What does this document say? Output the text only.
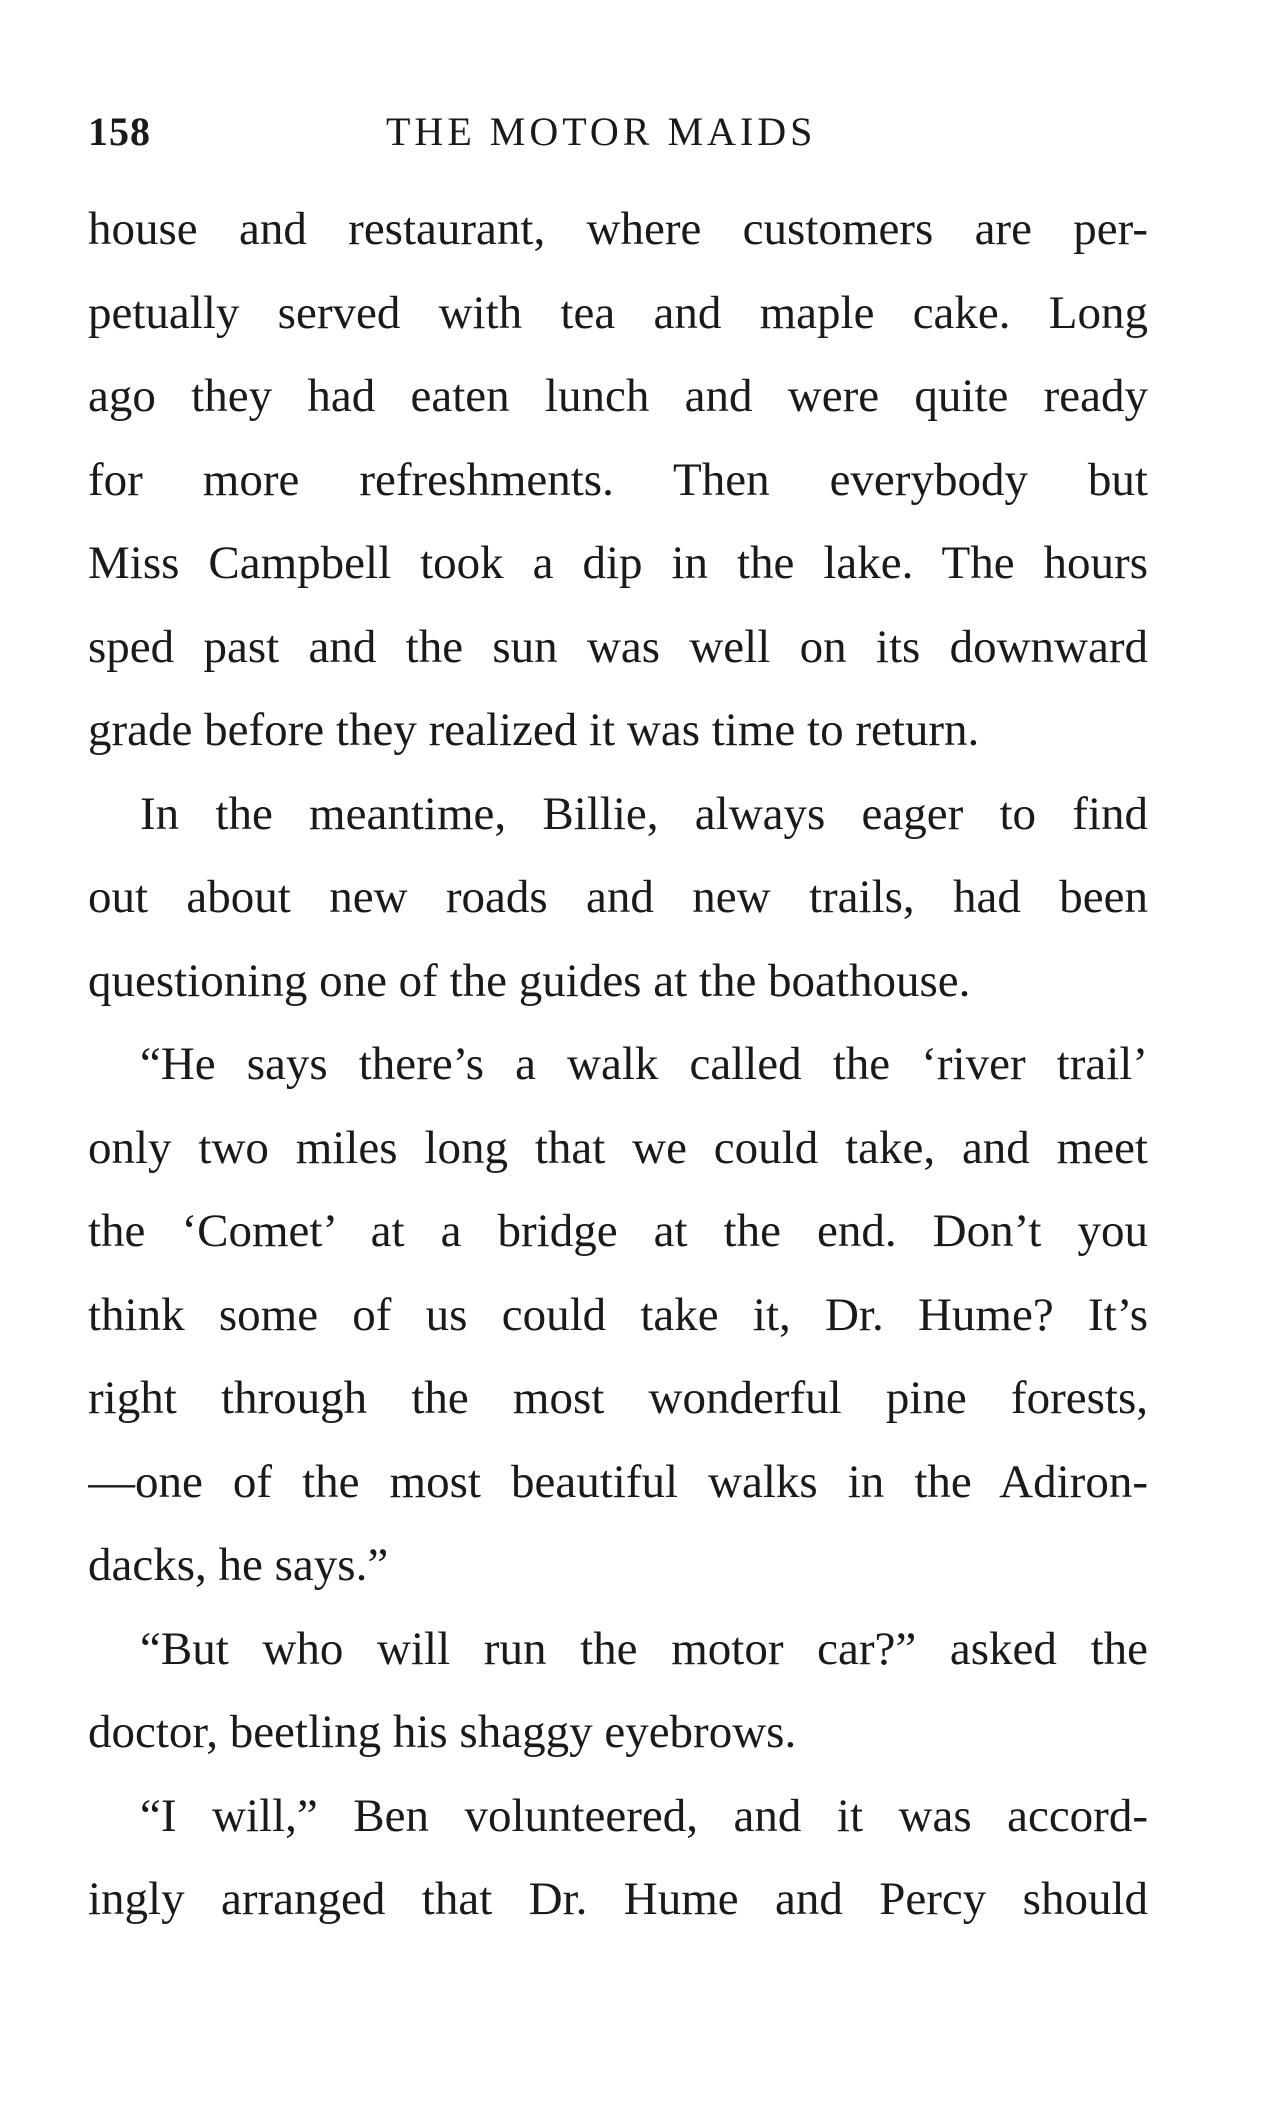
158	THE MOTOR MAIDS
house and restaurant, where customers are per-
petually served with tea and maple cake. Long
ago they had eaten lunch and were quite ready
for more refreshments. Then everybody but
Miss Campbell took a dip in the lake. The hours
sped past and the sun was well on its downward
grade before they realized it was time to return.
In the meantime, Billie, always eager to find
out about new roads and new trails, had been
questioning one of the guides at the boathouse.
“He says there’s a walk called the ‘river trail’
only two miles long that we could take, and meet
the ‘Comet’ at a bridge at the end. Don’t you
think some of us could take it, Dr. Hume? It’s
right through the most wonderful pine forests,
—one of the most beautiful walks in the Adiron-
dacks, he says.”
“But who will run the motor car?” asked the
doctor, beetling his shaggy eyebrows.
“I will,” Ben volunteered, and it was accord-
ingly arranged that Dr. Hume and Percy should
